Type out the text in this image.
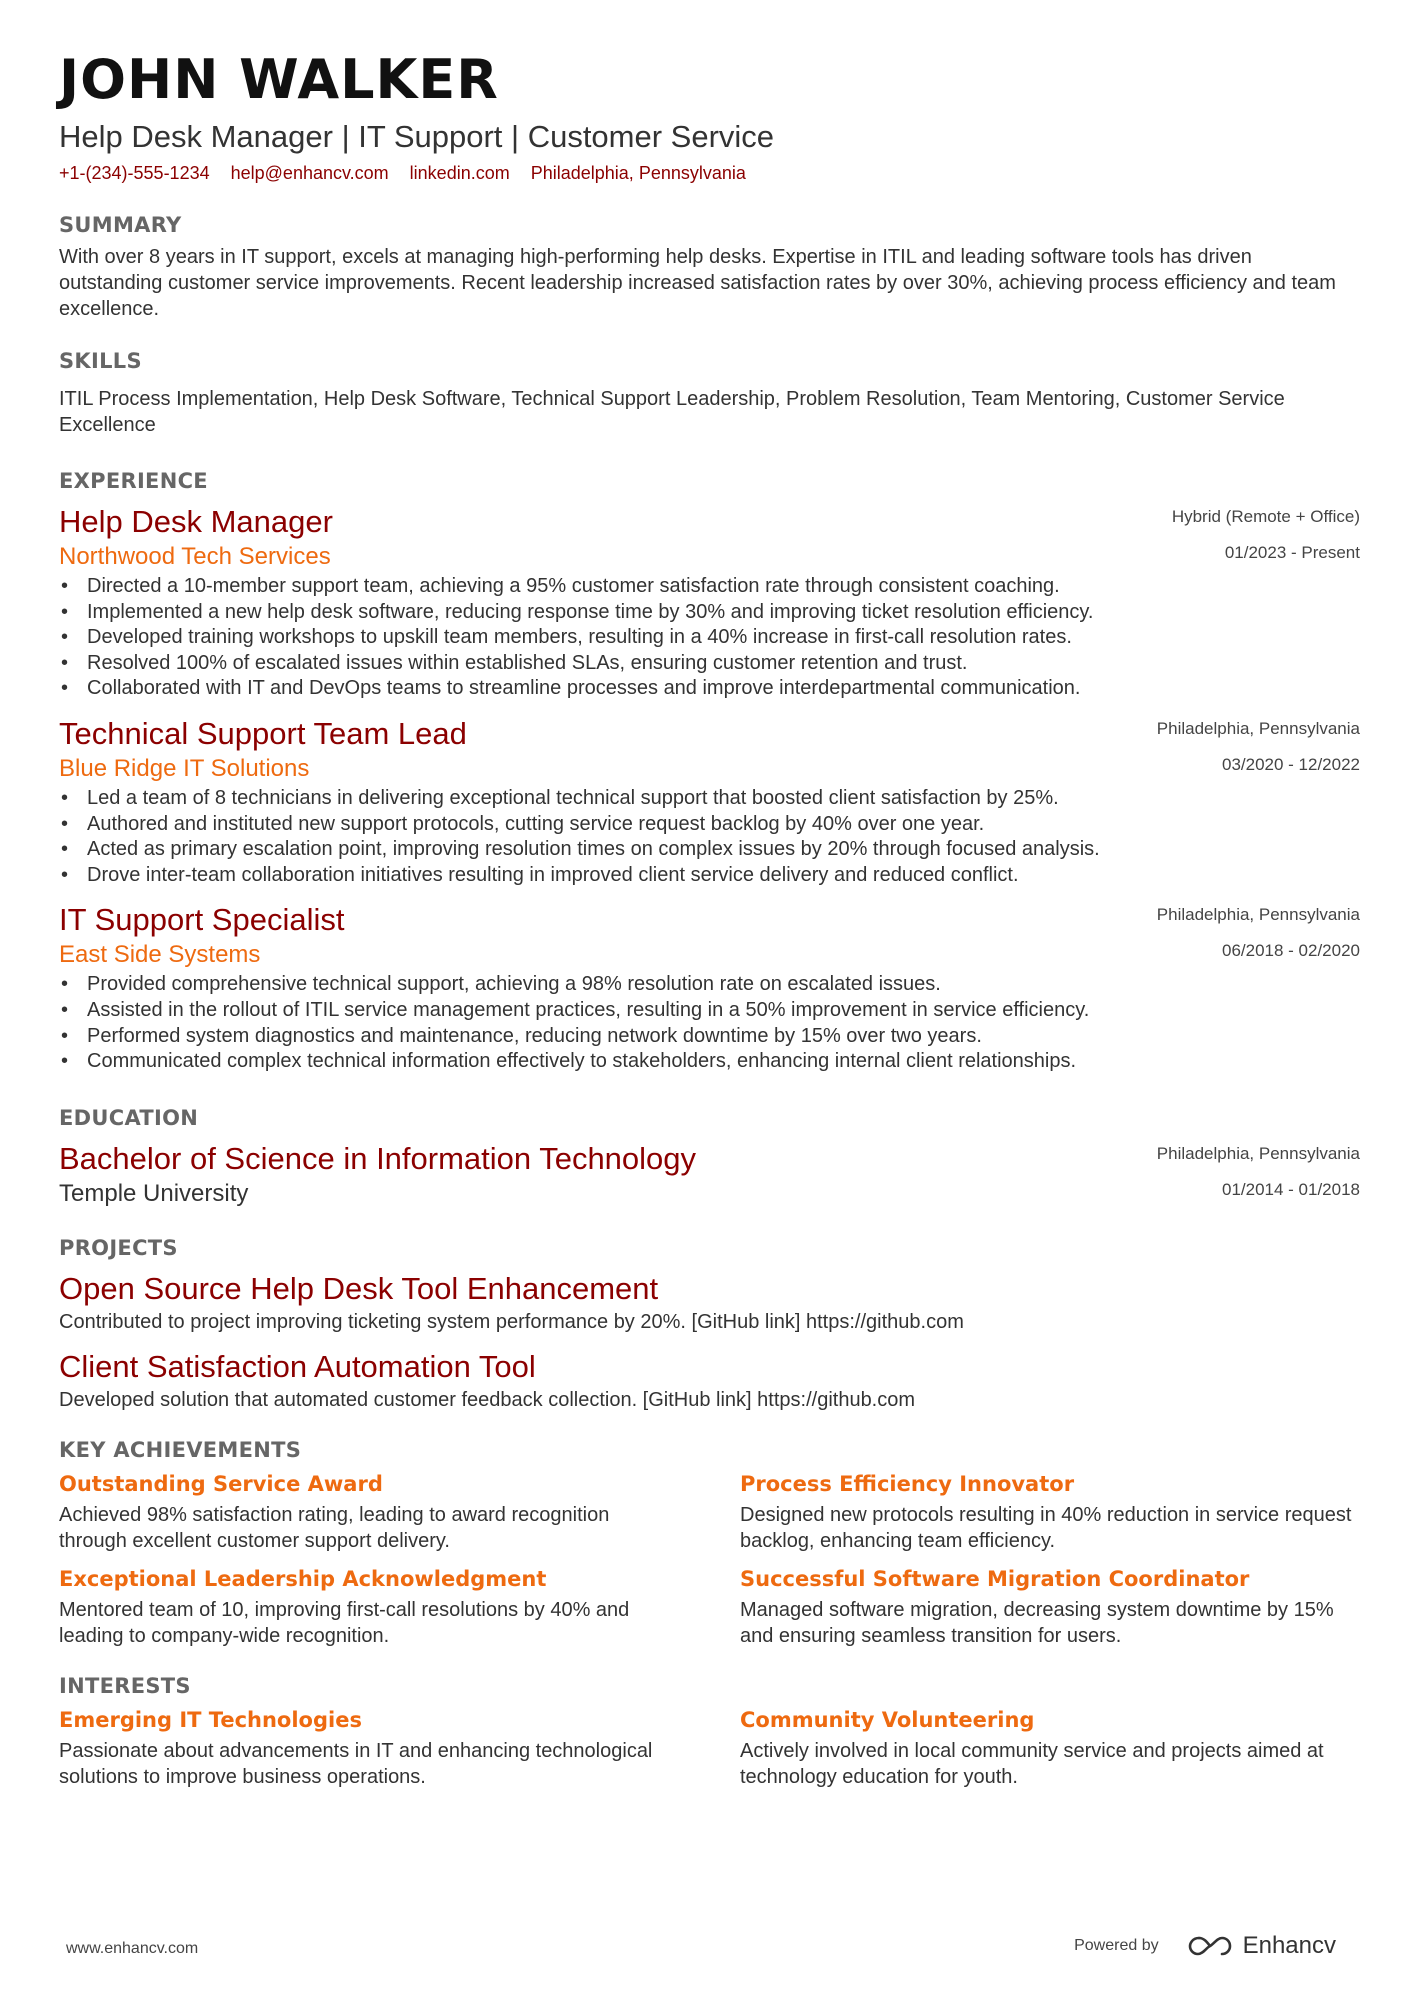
JOHN WALKER
Help Desk Manager | IT Support | Customer Service
+1-(234)-555-1234 help@enhancv.com linkedin.com Philadelphia, Pennsylvania
SUMMARY
With over 8 years in IT support, excels at managing high-performing help desks. Expertise in ITIL and leading software tools has driven outstanding customer service improvements. Recent leadership increased satisfaction rates by over 30%, achieving process efficiency and team excellence.
SKILLS
ITIL Process Implementation, Help Desk Software, Technical Support Leadership, Problem Resolution, Team Mentoring, Customer Service Excellence
EXPERIENCE
Hybrid (Remote + Office)
01/2023 - Present
Help Desk Manager
Northwood Tech Services
• Directed a 10-member support team, achieving a 95% customer satisfaction rate through consistent coaching.
• Implemented a new help desk software, reducing response time by 30% and improving ticket resolution efficiency.
• Developed training workshops to upskill team members, resulting in a 40% increase in first-call resolution rates.
• Resolved 100% of escalated issues within established SLAs, ensuring customer retention and trust.
• Collaborated with IT and DevOps teams to streamline processes and improve interdepartmental communication.
Philadelphia, Pennsylvania
03/2020 - 12/2022
Technical Support Team Lead
Blue Ridge IT Solutions
• Led a team of 8 technicians in delivering exceptional technical support that boosted client satisfaction by 25%.
• Authored and instituted new support protocols, cutting service request backlog by 40% over one year.
• Acted as primary escalation point, improving resolution times on complex issues by 20% through focused analysis.
• Drove inter-team collaboration initiatives resulting in improved client service delivery and reduced conflict.
Philadelphia, Pennsylvania
06/2018 - 02/2020
IT Support Specialist
East Side Systems
• Provided comprehensive technical support, achieving a 98% resolution rate on escalated issues.
• Assisted in the rollout of ITIL service management practices, resulting in a 50% improvement in service efficiency.
• Performed system diagnostics and maintenance, reducing network downtime by 15% over two years.
• Communicated complex technical information effectively to stakeholders, enhancing internal client relationships.
EDUCATION
Philadelphia, Pennsylvania
01/2014 - 01/2018
Bachelor of Science in Information Technology
Temple University
PROJECTS
Open Source Help Desk Tool Enhancement
Contributed to project improving ticketing system performance by 20%. [GitHub link] https://github.com
Client Satisfaction Automation Tool
Developed solution that automated customer feedback collection. [GitHub link] https://github.com
KEY ACHIEVEMENTS
Outstanding Service Award
Achieved 98% satisfaction rating, leading to award recognition through excellent customer support delivery.
Process Efficiency Innovator
Designed new protocols resulting in 40% reduction in service request backlog, enhancing team efficiency.
Exceptional Leadership Acknowledgment
Mentored team of 10, improving first-call resolutions by 40% and leading to company-wide recognition.
Successful Software Migration Coordinator
Managed software migration, decreasing system downtime by 15% and ensuring seamless transition for users.
INTERESTS
Emerging IT Technologies
Passionate about advancements in IT and enhancing technological solutions to improve business operations.
Community Volunteering
Actively involved in local community service and projects aimed at technology education for youth.
www.enhancv.com	Powered by	Enhancv
